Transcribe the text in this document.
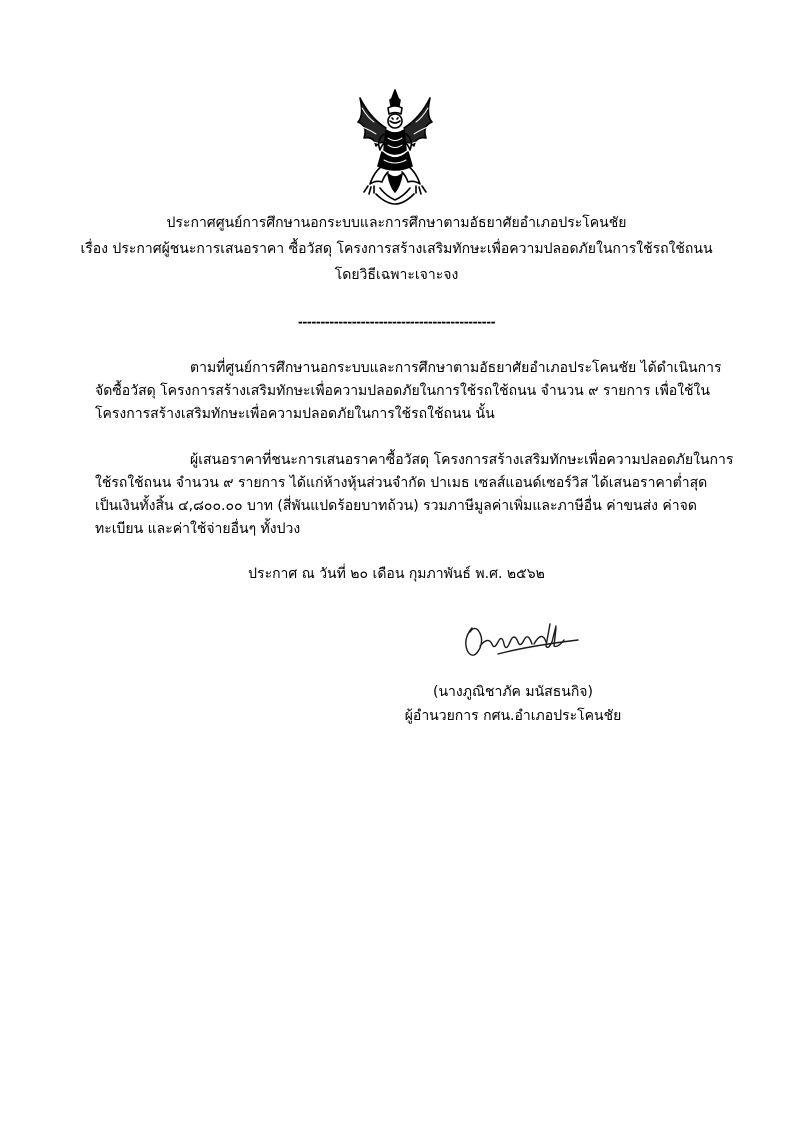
ประกาศศูนย์การศึกษานอกระบบและการศึกษาตามอัธยาศัยอำเภอประโคนชัย
เรื่อง ประกาศผู้ชนะการเสนอราคา ซื้อวัสดุ โครงการสร้างเสริมทักษะเพื่อความปลอดภัยในการใช้รถใช้ถนน
โดยวิธีเฉพาะเจาะจง
--------------------------------------------
ตามที่ศูนย์การศึกษานอกระบบและการศึกษาตามอัธยาศัยอำเภอประโคนชัย ได้ดำเนินการ
จัดซื้อวัสดุ โครงการสร้างเสริมทักษะเพื่อความปลอดภัยในการใช้รถใช้ถนน จำนวน ๙ รายการ เพื่อใช้ใน
โครงการสร้างเสริมทักษะเพื่อความปลอดภัยในการใช้รถใช้ถนน นั้น
ผู้เสนอราคาที่ชนะการเสนอราคาซื้อวัสดุ โครงการสร้างเสริมทักษะเพื่อความปลอดภัยในการ
ใช้รถใช้ถนน จำนวน ๙ รายการ ได้แก่ห้างหุ้นส่วนจำกัด ปาเมธ เซลส์แอนด์เซอร์วิส ได้เสนอราคาต่ำสุด
เป็นเงินทั้งสิ้น ๔,๘๐๐.๐๐ บาท (สี่พันแปดร้อยบาทถ้วน) รวมภาษีมูลค่าเพิ่มและภาษีอื่น ค่าขนส่ง ค่าจด
ทะเบียน และค่าใช้จ่ายอื่นๆ ทั้งปวง
ประกาศ ณ วันที่ ๒๐ เดือน กุมภาพันธ์ พ.ศ. ๒๕๖๒
(นางภูณิชาภัค มนัสธนกิจ)
ผู้อำนวยการ กศน.อำเภอประโคนชัย
